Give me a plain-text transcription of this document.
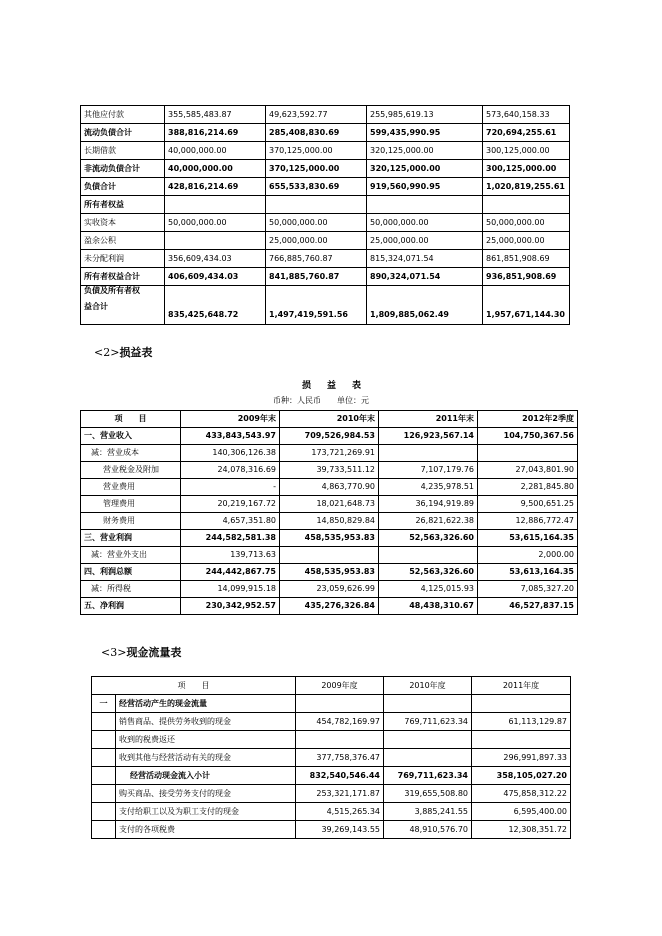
其他应付款	355,585,483.87	49,623,592.77	255,985,619.13	573,640,158.33
流动负债合计	388,816,214.69	285,408,830.69	599,435,990.95	720,694,255.61
长期借款	40,000,000.00	370,125,000.00	320,125,000.00	300,125,000.00
非流动负债合计	40,000,000.00	370,125,000.00	320,125,000.00	300,125,000.00
负债合计	428,816,214.69	655,533,830.69	919,560,990.95	1,020,819,255.61
所有者权益				
实收资本	50,000,000.00	50,000,000.00	50,000,000.00	50,000,000.00
盈余公积		25,000,000.00	25,000,000.00	25,000,000.00
未分配利润	356,609,434.03	766,885,760.87	815,324,071.54	861,851,908.69
所有者权益合计	406,609,434.03	841,885,760.87	890,324,071.54	936,851,908.69

负债及所有者权
益合计	835,425,648.72	1,497,419,591.56	1,809,885,062.49	1,957,671,144.30
<2>损益表
损益表
币种：人民币　　单位：元
项　　目	2009年末	2010年末	2011年末	2012年2季度
一、营业收入	433,843,543.97	709,526,984.53	126,923,567.14	104,750,367.56
减：营业成本	140,306,126.38	173,721,269.91		
营业税金及附加	24,078,316.69	39,733,511.12	7,107,179.76	27,043,801.90
营业费用	-	4,863,770.90	4,235,978.51	2,281,845.80
管理费用	20,219,167.72	18,021,648.73	36,194,919.89	9,500,651.25
财务费用	4,657,351.80	14,850,829.84	26,821,622.38	12,886,772.47
三、营业利润	244,582,581.38	458,535,953.83	52,563,326.60	53,615,164.35
减：营业外支出	139,713.63			2,000.00
四、利润总额	244,442,867.75	458,535,953.83	52,563,326.60	53,613,164.35
减：所得税	14,099,915.18	23,059,626.99	4,125,015.93	7,085,327.20
五、净利润	230,342,952.57	435,276,326.84	48,438,310.67	46,527,837.15
<3>现金流量表
项　　目		2009年度	2010年度	2011年度
一	经营活动产生的现金流量			
	销售商品、提供劳务收到的现金	454,782,169.97	769,711,623.34	61,113,129.87
	收到的税费返还			
	收到其他与经营活动有关的现金	377,758,376.47		296,991,897.33
	经营活动现金流入小计	832,540,546.44	769,711,623.34	358,105,027.20
	购买商品、接受劳务支付的现金	253,321,171.87	319,655,508.80	475,858,312.22
	支付给职工以及为职工支付的现金	4,515,265.34	3,885,241.55	6,595,400.00
	支付的各项税费	39,269,143.55	48,910,576.70	12,308,351.72
